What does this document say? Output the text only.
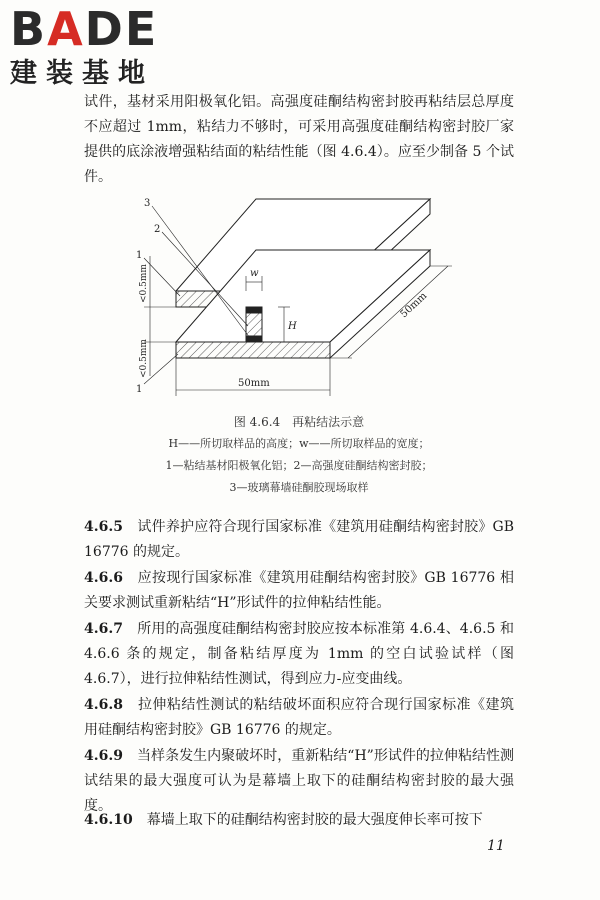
BADE
建装基地
试件，基材采用阳极氧化铝。高强度硅酮结构密封胶再粘结层总厚度不应超过 1mm，粘结力不够时，可采用高强度硅酮结构密封胶厂家提供的底涂液增强粘结面的粘结性能（图 4.6.4）。应至少制备 5 个试件。
3
2
1
1
w
H
50mm
50mm
<0.5mm
<0.5mm
图 4.6.4　再粘结法示意
H——所切取样品的高度；w——所切取样品的宽度；
1—粘结基材阳极氧化铝；2—高强度硅酮结构密封胶；
3—玻璃幕墙硅酮胶现场取样
4.6.5　 试件养护应符合现行国家标准《建筑用硅酮结构密封胶》GB 16776 的规定。
4.6.6　 应按现行国家标准《建筑用硅酮结构密封胶》GB 16776 相关要求测试重新粘结“H”形试件的拉伸粘结性能。
4.6.7　 所用的高强度硅酮结构密封胶应按本标准第 4.6.4、4.6.5 和 4.6.6 条的规定，制备粘结厚度为 1mm 的空白试验试样（图 4.6.7），进行拉伸粘结性测试，得到应力-应变曲线。
4.6.8　 拉伸粘结性测试的粘结破坏面积应符合现行国家标准《建筑用硅酮结构密封胶》GB 16776 的规定。
4.6.9　 当样条发生内聚破坏时，重新粘结“H”形试件的拉伸粘结性测试结果的最大强度可认为是幕墙上取下的硅酮结构密封胶的最大强度。
4.6.10　 幕墙上取下的硅酮结构密封胶的最大强度伸长率可按下
11
